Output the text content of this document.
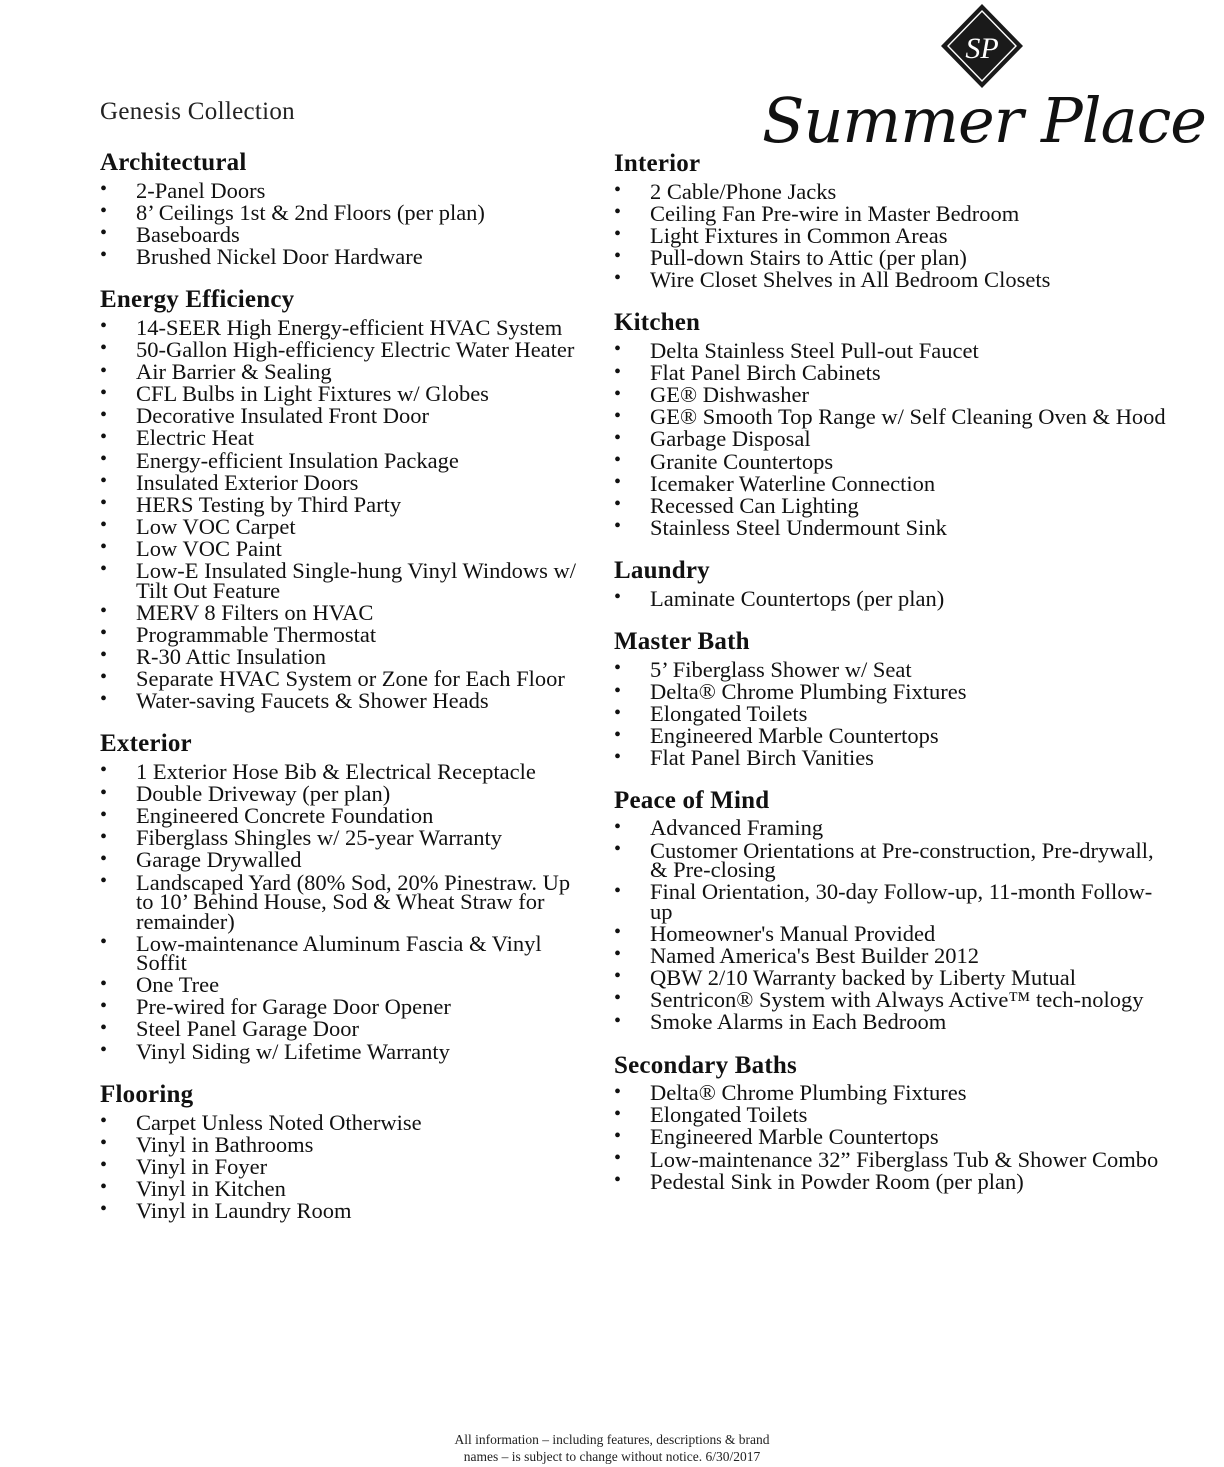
Genesis Collection
SP
Summer Place
Architectural
• 2-Panel Doors
• 8’ Ceilings 1st & 2nd Floors (per plan)
• Baseboards
• Brushed Nickel Door Hardware
Energy Efficiency
• 14-SEER High Energy-efficient HVAC System
• 50-Gallon High-efficiency Electric Water Heater
• Air Barrier & Sealing
• CFL Bulbs in Light Fixtures w/ Globes
• Decorative Insulated Front Door
• Electric Heat
• Energy-efficient Insulation Package
• Insulated Exterior Doors
• HERS Testing by Third Party
• Low VOC Carpet
• Low VOC Paint
• Low-E Insulated Single-hung Vinyl Windows w/ Tilt Out Feature
• MERV 8 Filters on HVAC
• Programmable Thermostat
• R-30 Attic Insulation
• Separate HVAC System or Zone for Each Floor
• Water-saving Faucets & Shower Heads
Exterior
• 1 Exterior Hose Bib & Electrical Receptacle
• Double Driveway (per plan)
• Engineered Concrete Foundation
• Fiberglass Shingles w/ 25-year Warranty
• Garage Drywalled
• Landscaped Yard (80% Sod, 20% Pinestraw. Up to 10’ Behind House, Sod & Wheat Straw for remainder)
• Low-maintenance Aluminum Fascia & Vinyl Soffit
• One Tree
• Pre-wired for Garage Door Opener
• Steel Panel Garage Door
• Vinyl Siding w/ Lifetime Warranty
Flooring
• Carpet Unless Noted Otherwise
• Vinyl in Bathrooms
• Vinyl in Foyer
• Vinyl in Kitchen
• Vinyl in Laundry Room
Interior
• 2 Cable/Phone Jacks
• Ceiling Fan Pre-wire in Master Bedroom
• Light Fixtures in Common Areas
• Pull-down Stairs to Attic (per plan)
• Wire Closet Shelves in All Bedroom Closets
Kitchen
• Delta Stainless Steel Pull-out Faucet
• Flat Panel Birch Cabinets
• GE® Dishwasher
• GE® Smooth Top Range w/ Self Cleaning Oven & Hood
• Garbage Disposal
• Granite Countertops
• Icemaker Waterline Connection
• Recessed Can Lighting
• Stainless Steel Undermount Sink
Laundry
• Laminate Countertops (per plan)
Master Bath
• 5’ Fiberglass Shower w/ Seat
• Delta® Chrome Plumbing Fixtures
• Elongated Toilets
• Engineered Marble Countertops
• Flat Panel Birch Vanities
Peace of Mind
• Advanced Framing
• Customer Orientations at Pre-construction, Pre-drywall, & Pre-closing
• Final Orientation, 30-day Follow-up, 11-month Follow-up
• Homeowner's Manual Provided
• Named America's Best Builder 2012
• QBW 2/10 Warranty backed by Liberty Mutual
• Sentricon® System with Always Active™ tech-nology
• Smoke Alarms in Each Bedroom
Secondary Baths
• Delta® Chrome Plumbing Fixtures
• Elongated Toilets
• Engineered Marble Countertops
• Low-maintenance 32” Fiberglass Tub & Shower Combo
• Pedestal Sink in Powder Room (per plan)
All information – including features, descriptions & brand
names – is subject to change without notice. 6/30/2017
